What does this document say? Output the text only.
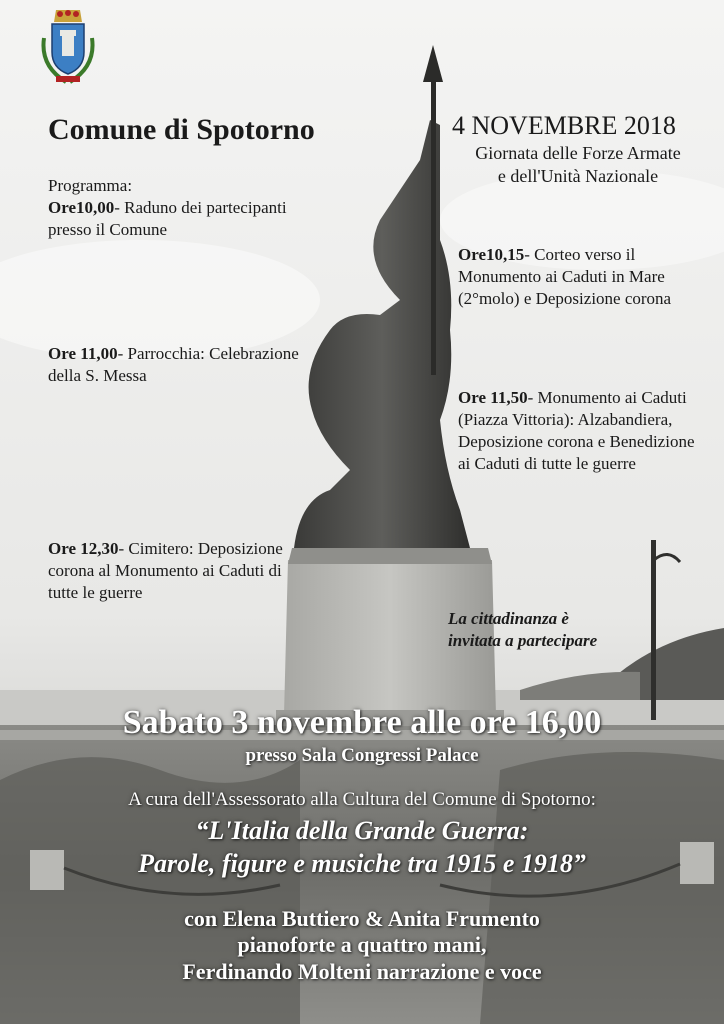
Comune di Spotorno	4 NOVEMBRE 2018
Giornata delle Forze Armate
e dell'Unità Nazionale
Programma:
Ore10,00- Raduno dei partecipanti presso il Comune
Ore10,15- Corteo verso il Monumento ai Caduti in Mare (2°molo) e Deposizione corona
Ore 11,00- Parrocchia: Celebrazione della S. Messa
Ore 11,50- Monumento ai Caduti (Piazza Vittoria): Alzabandiera, Deposizione corona e Benedizione ai Caduti di tutte le guerre
Ore 12,30- Cimitero: Deposizione corona al Monumento ai Caduti di tutte le guerre
La cittadinanza è
invitata a partecipare
Sabato 3 novembre alle ore 16,00
presso Sala Congressi Palace
A cura dell'Assessorato alla Cultura del Comune di Spotorno:
“L'Italia della Grande Guerra:
Parole, figure e musiche tra 1915 e 1918”
con Elena Buttiero & Anita Frumento
pianoforte a quattro mani,
Ferdinando Molteni narrazione e voce
